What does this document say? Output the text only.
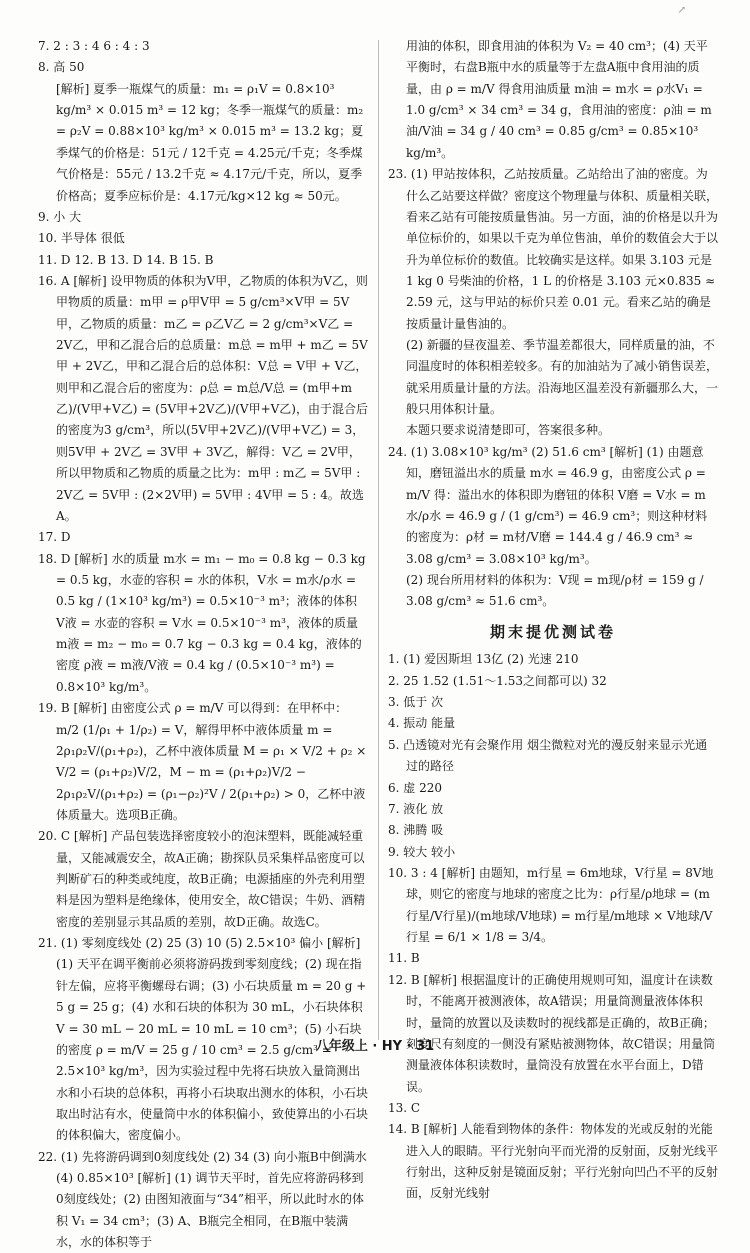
↗

7. 2 : 3 : 4 6 : 4 : 3

8. 高 50

[解析] 夏季一瓶煤气的质量：m₁ = ρ₁V = 0.8×10³ kg/m³ × 0.015 m³ = 12 kg；冬季一瓶煤气的质量：m₂ = ρ₂V = 0.88×10³ kg/m³ × 0.015 m³ = 13.2 kg；夏季煤气的价格是：51元 / 12千克 = 4.25元/千克；冬季煤气价格是：55元 / 13.2千克 ≈ 4.17元/千克，所以，夏季价格高；夏季应标价是：4.17元/kg×12 kg ≈ 50元。

9. 小 大

10. 半导体 很低

11. D 12. B 13. D 14. B 15. B

16. A [解析] 设甲物质的体积为V甲，乙物质的体积为V乙，则甲物质的质量：m甲 = ρ甲V甲 = 5 g/cm³×V甲 = 5V甲，乙物质的质量：m乙 = ρ乙V乙 = 2 g/cm³×V乙 = 2V乙，甲和乙混合后的总质量：m总 = m甲 + m乙 = 5V甲 + 2V乙，甲和乙混合后的总体积：V总 = V甲 + V乙，则甲和乙混合后的密度为：ρ总 = m总/V总 = (m甲+m乙)/(V甲+V乙) = (5V甲+2V乙)/(V甲+V乙)，由于混合后的密度为3 g/cm³，所以(5V甲+2V乙)/(V甲+V乙) = 3，则5V甲 + 2V乙 = 3V甲 + 3V乙，解得：V乙 = 2V甲，所以甲物质和乙物质的质量之比为：m甲 : m乙 = 5V甲 : 2V乙 = 5V甲 : (2×2V甲) = 5V甲 : 4V甲 = 5 : 4。故选A。

17. D

18. D [解析] 水的质量 m水 = m₁ − m₀ = 0.8 kg − 0.3 kg = 0.5 kg，水壶的容积 = 水的体积，V水 = m水/ρ水 = 0.5 kg / (1×10³ kg/m³) = 0.5×10⁻³ m³；液体的体积 V液 = 水壶的容积 = V水 = 0.5×10⁻³ m³，液体的质量 m液 = m₂ − m₀ = 0.7 kg − 0.3 kg = 0.4 kg，液体的密度 ρ液 = m液/V液 = 0.4 kg / (0.5×10⁻³ m³) = 0.8×10³ kg/m³。

19. B [解析] 由密度公式 ρ = m/V 可以得到：在甲杯中：m/2 (1/ρ₁ + 1/ρ₂) = V，解得甲杯中液体质量 m = 2ρ₁ρ₂V/(ρ₁+ρ₂)，乙杯中液体质量 M = ρ₁ × V/2 + ρ₂ × V/2 = (ρ₁+ρ₂)V/2，M − m = (ρ₁+ρ₂)V/2 − 2ρ₁ρ₂V/(ρ₁+ρ₂) = (ρ₁−ρ₂)²V / 2(ρ₁+ρ₂) > 0，乙杯中液体质量大。选项B正确。

20. C [解析] 产品包装选择密度较小的泡沫塑料，既能减轻重量，又能减震安全，故A正确；勘探队员采集样品密度可以判断矿石的种类或纯度，故B正确；电源插座的外壳利用塑料是因为塑料是绝缘体，使用安全，故C错误；牛奶、酒精密度的差别显示其品质的差别，故D正确。故选C。

21. (1) 零刻度线处 (2) 25 (3) 10 (5) 2.5×10³ 偏小 [解析] (1) 天平在调平衡前必须将游码拨到零刻度线；(2) 现在指针左偏，应将平衡螺母右调；(3) 小石块质量 m = 20 g + 5 g = 25 g；(4) 水和石块的体积为 30 mL，小石块体积 V = 30 mL − 20 mL = 10 mL = 10 cm³；(5) 小石块的密度 ρ = m/V = 25 g / 10 cm³ = 2.5 g/cm³ = 2.5×10³ kg/m³，因为实验过程中先将石块放入量筒测出水和小石块的总体积，再将小石块取出测水的体积，小石块取出时沾有水，使量筒中水的体积偏小，致使算出的小石块的体积偏大，密度偏小。

22. (1) 先将游码调到0刻度线处 (2) 34 (3) 向小瓶B中倒满水 (4) 0.85×10³ [解析] (1) 调节天平时，首先应将游码移到0刻度线处；(2) 由图知液面与“34”相平，所以此时水的体积 V₁ = 34 cm³；(3) A、B瓶完全相同，在B瓶中装满水，水的体积等于

用油的体积，即食用油的体积为 V₂ = 40 cm³；(4) 天平平衡时，右盘B瓶中水的质量等于左盘A瓶中食用油的质量，由 ρ = m/V 得食用油质量 m油 = m水 = ρ水V₁ = 1.0 g/cm³ × 34 cm³ = 34 g，食用油的密度：ρ油 = m油/V油 = 34 g / 40 cm³ = 0.85 g/cm³ = 0.85×10³ kg/m³。

23. (1) 甲站按体积，乙站按质量。乙站给出了油的密度。为什么乙站要这样做？密度这个物理量与体积、质量相关联，看来乙站有可能按质量售油。另一方面，油的价格是以升为单位标价的，如果以千克为单位售油，单价的数值会大于以升为单位标价的数值。比较确实是这样。如果 3.103 元是 1 kg 0 号柴油的价格，1 L 的价格是 3.103 元×0.835 ≈ 2.59 元，这与甲站的标价只差 0.01 元。看来乙站的确是按质量计量售油的。

(2) 新疆的昼夜温差、季节温差都很大，同样质量的油，不同温度时的体积相差较多。有的加油站为了减小销售误差，就采用质量计量的方法。沿海地区温差没有新疆那么大，一般只用体积计量。

本题只要求说清楚即可，答案很多种。

24. (1) 3.08×10³ kg/m³ (2) 51.6 cm³ [解析] (1) 由题意知，磨钮溢出水的质量 m水 = 46.9 g，由密度公式 ρ = m/V 得：溢出水的体积即为磨钮的体积 V磨 = V水 = m水/ρ水 = 46.9 g / (1 g/cm³) = 46.9 cm³；则这种材料的密度为：ρ材 = m材/V磨 = 144.4 g / 46.9 cm³ ≈ 3.08 g/cm³ = 3.08×10³ kg/m³。

(2) 现台所用材料的体积为：V现 = m现/ρ材 = 159 g / 3.08 g/cm³ ≈ 51.6 cm³。

期末提优测试卷

1. (1) 爱因斯坦 13亿 (2) 光速 210

2. 25 1.52 (1.51～1.53之间都可以) 32

3. 低于 次

4. 振动 能量

5. 凸透镜对光有会聚作用 烟尘微粒对光的漫反射来显示光通过的路径

6. 虚 220

7. 液化 放

8. 沸腾 吸

9. 较大 较小

10. 3 : 4 [解析] 由题知，m行星 = 6m地球，V行星 = 8V地球，则它的密度与地球的密度之比为：ρ行星/ρ地球 = (m行星/V行星)/(m地球/V地球) = m行星/m地球 × V地球/V行星 = 6/1 × 1/8 = 3/4。

11. B

12. B [解析] 根据温度计的正确使用规则可知，温度计在读数时，不能离开被测液体，故A错误；用量筒测量液体体积时，量筒的放置以及读数时的视线都是正确的，故B正确；刻度尺有刻度的一侧没有紧贴被测物体，故C错误；用量筒测量液体体积读数时，量筒没有放置在水平台面上，D错误。

13. C

14. B [解析] 人能看到物体的条件：物体发的光或反射的光能进入人的眼睛。平行光射向平而光滑的反射面，反射光线平行射出，这种反射是镜面反射；平行光射向凹凸不平的反射面，反射光线射

八年级上 · HY · 31
